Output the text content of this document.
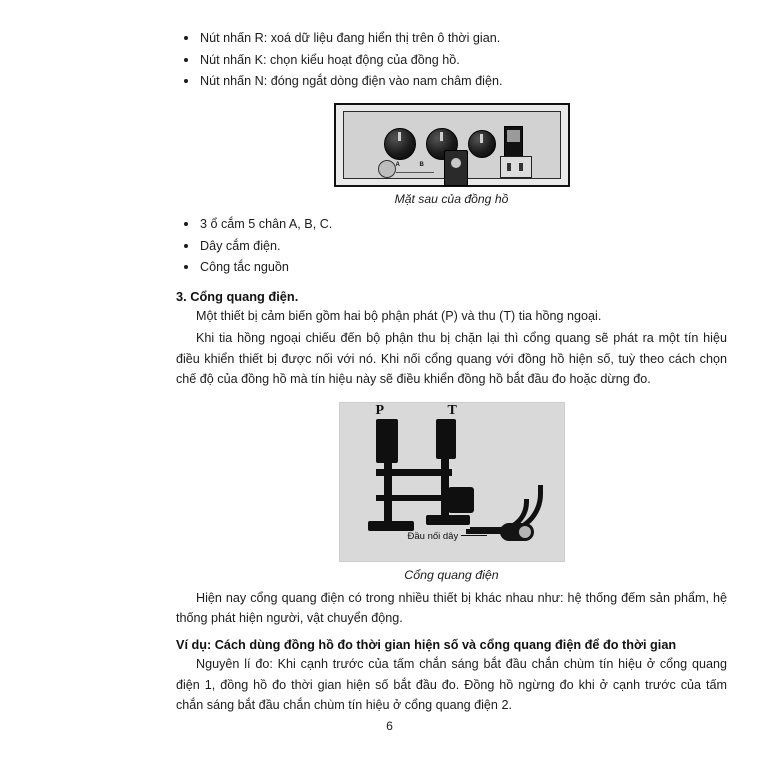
Nút nhấn R: xoá dữ liệu đang hiển thị trên ô thời gian.
Nút nhấn K: chọn kiểu hoạt động của đồng hồ.
Nút nhấn N: đóng ngắt dòng điện vào nam châm điện.
A	B
Mặt sau của đồng hồ
3 ổ cắm 5 chân A, B, C.
Dây cắm điện.
Công tắc nguồn
3. Cổng quang điện.

Một thiết bị cảm biến gồm hai bộ phận phát (P) và thu (T) tia hồng ngoại.

Khi tia hồng ngoại chiếu đến bộ phận thu bị chặn lại thì cổng quang sẽ phát ra một tín hiệu điều khiển thiết bị được nối với nó. Khi nối cổng quang với đồng hồ hiện số, tuỳ theo cách chọn chế độ của đồng hồ mà tín hiệu này sẽ điều khiển đồng hồ bắt đầu đo hoặc dừng đo.

P	T
Đầu nối dây
Cổng quang điện

Hiện nay cổng quang điện có trong nhiều thiết bị khác nhau như: hệ thống đếm sản phẩm, hệ thống phát hiện người, vật chuyển động.

Ví dụ: Cách dùng đồng hồ đo thời gian hiện số và cổng quang điện để đo thời gian

Nguyên lí đo: Khi cạnh trước của tấm chắn sáng bắt đầu chắn chùm tín hiệu ở cổng quang điện 1, đồng hồ đo thời gian hiện số bắt đầu đo. Đồng hồ ngừng đo khi ở cạnh trước của tấm chắn sáng bắt đầu chắn chùm tín hiệu ở cổng quang điện 2.

6
